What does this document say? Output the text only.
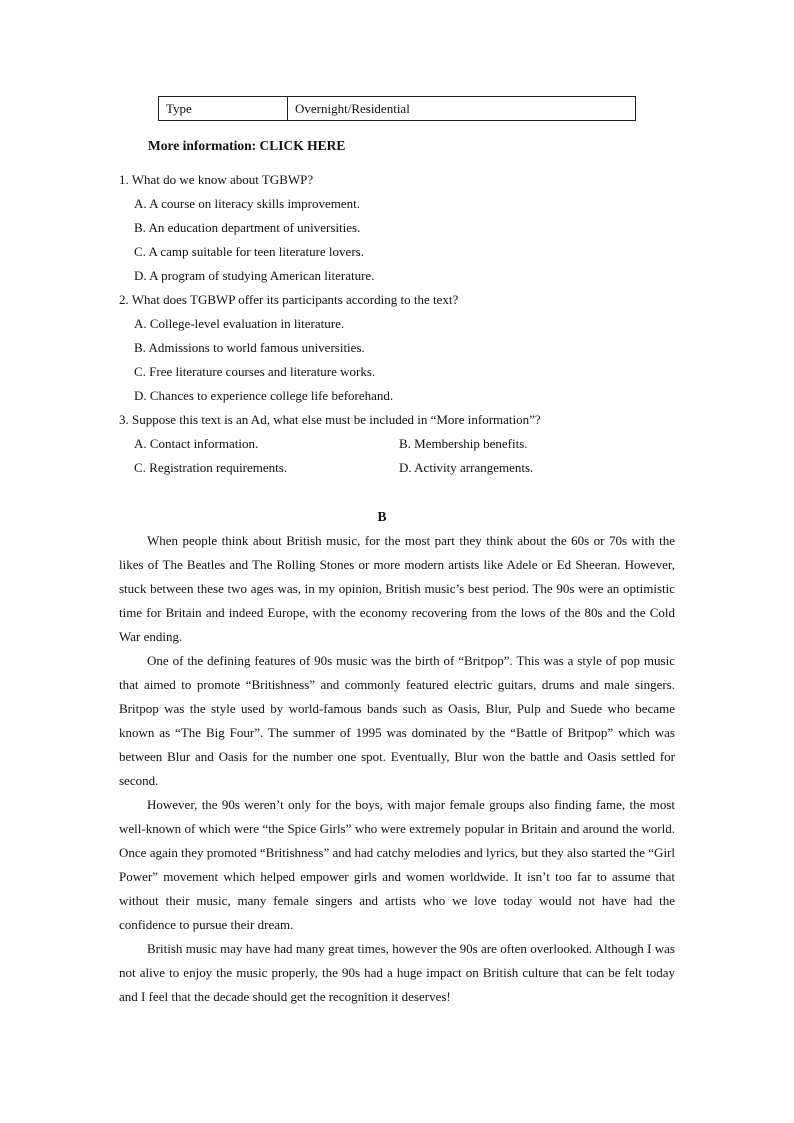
Type	Overnight/Residential
More information: CLICK HERE
1. What do we know about TGBWP?
A. A course on literacy skills improvement.
B. An education department of universities.
C. A camp suitable for teen literature lovers.
D. A program of studying American literature.
2. What does TGBWP offer its participants according to the text?
A. College-level evaluation in literature.
B. Admissions to world famous universities.
C. Free literature courses and literature works.
D. Chances to experience college life beforehand.
3. Suppose this text is an Ad, what else must be included in “More information”?
A. Contact information.	B. Membership benefits.
C. Registration requirements.	D. Activity arrangements.
B

When people think about British music, for the most part they think about the 60s or 70s with the likes of The Beatles and The Rolling Stones or more modern artists like Adele or Ed Sheeran. However, stuck between these two ages was, in my opinion, British music’s best period. The 90s were an optimistic time for Britain and indeed Europe, with the economy recovering from the lows of the 80s and the Cold War ending.

One of the defining features of 90s music was the birth of “Britpop”. This was a style of pop music that aimed to promote “Britishness” and commonly featured electric guitars, drums and male singers. Britpop was the style used by world-famous bands such as Oasis, Blur, Pulp and Suede who became known as “The Big Four”. The summer of 1995 was dominated by the “Battle of Britpop” which was between Blur and Oasis for the number one spot. Eventually, Blur won the battle and Oasis settled for second.

However, the 90s weren’t only for the boys, with major female groups also finding fame, the most well-known of which were “the Spice Girls” who were extremely popular in Britain and around the world. Once again they promoted “Britishness” and had catchy melodies and lyrics, but they also started the “Girl Power” movement which helped empower girls and women worldwide. It isn’t too far to assume that without their music, many female singers and artists who we love today would not have had the confidence to pursue their dream.

British music may have had many great times, however the 90s are often overlooked. Although I was not alive to enjoy the music properly, the 90s had a huge impact on British culture that can be felt today and I feel that the decade should get the recognition it deserves!
